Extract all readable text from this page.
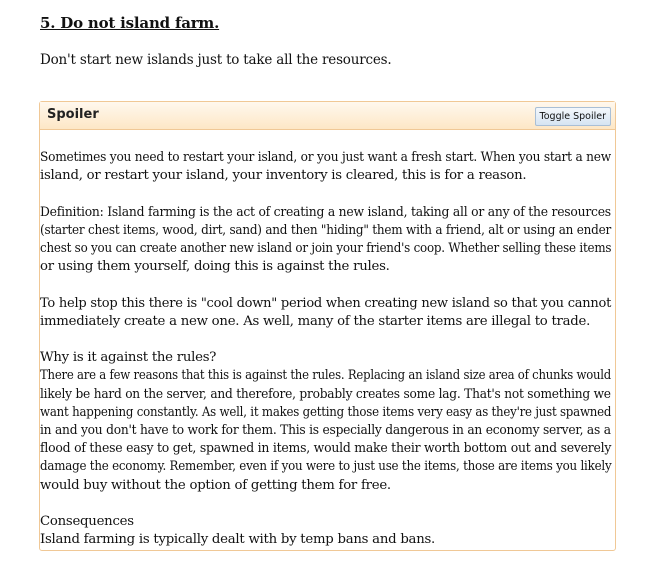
5. Do not island farm.
Don't start new islands just to take all the resources.
Spoiler	Toggle Spoiler
Sometimes you need to restart your island, or you just want a fresh start. When you start a new
island, or restart your island, your inventory is cleared, this is for a reason.
Definition: Island farming is the act of creating a new island, taking all or any of the resources
(starter chest items, wood, dirt, sand) and then "hiding" them with a friend, alt or using an ender
chest so you can create another new island or join your friend's coop. Whether selling these items
or using them yourself, doing this is against the rules.
To help stop this there is "cool down" period when creating new island so that you cannot
immediately create a new one. As well, many of the starter items are illegal to trade.
Why is it against the rules?
There are a few reasons that this is against the rules. Replacing an island size area of chunks would
likely be hard on the server, and therefore, probably creates some lag. That's not something we
want happening constantly. As well, it makes getting those items very easy as they're just spawned
in and you don't have to work for them. This is especially dangerous in an economy server, as a
flood of these easy to get, spawned in items, would make their worth bottom out and severely
damage the economy. Remember, even if you were to just use the items, those are items you likely
would buy without the option of getting them for free.
Consequences
Island farming is typically dealt with by temp bans and bans.
